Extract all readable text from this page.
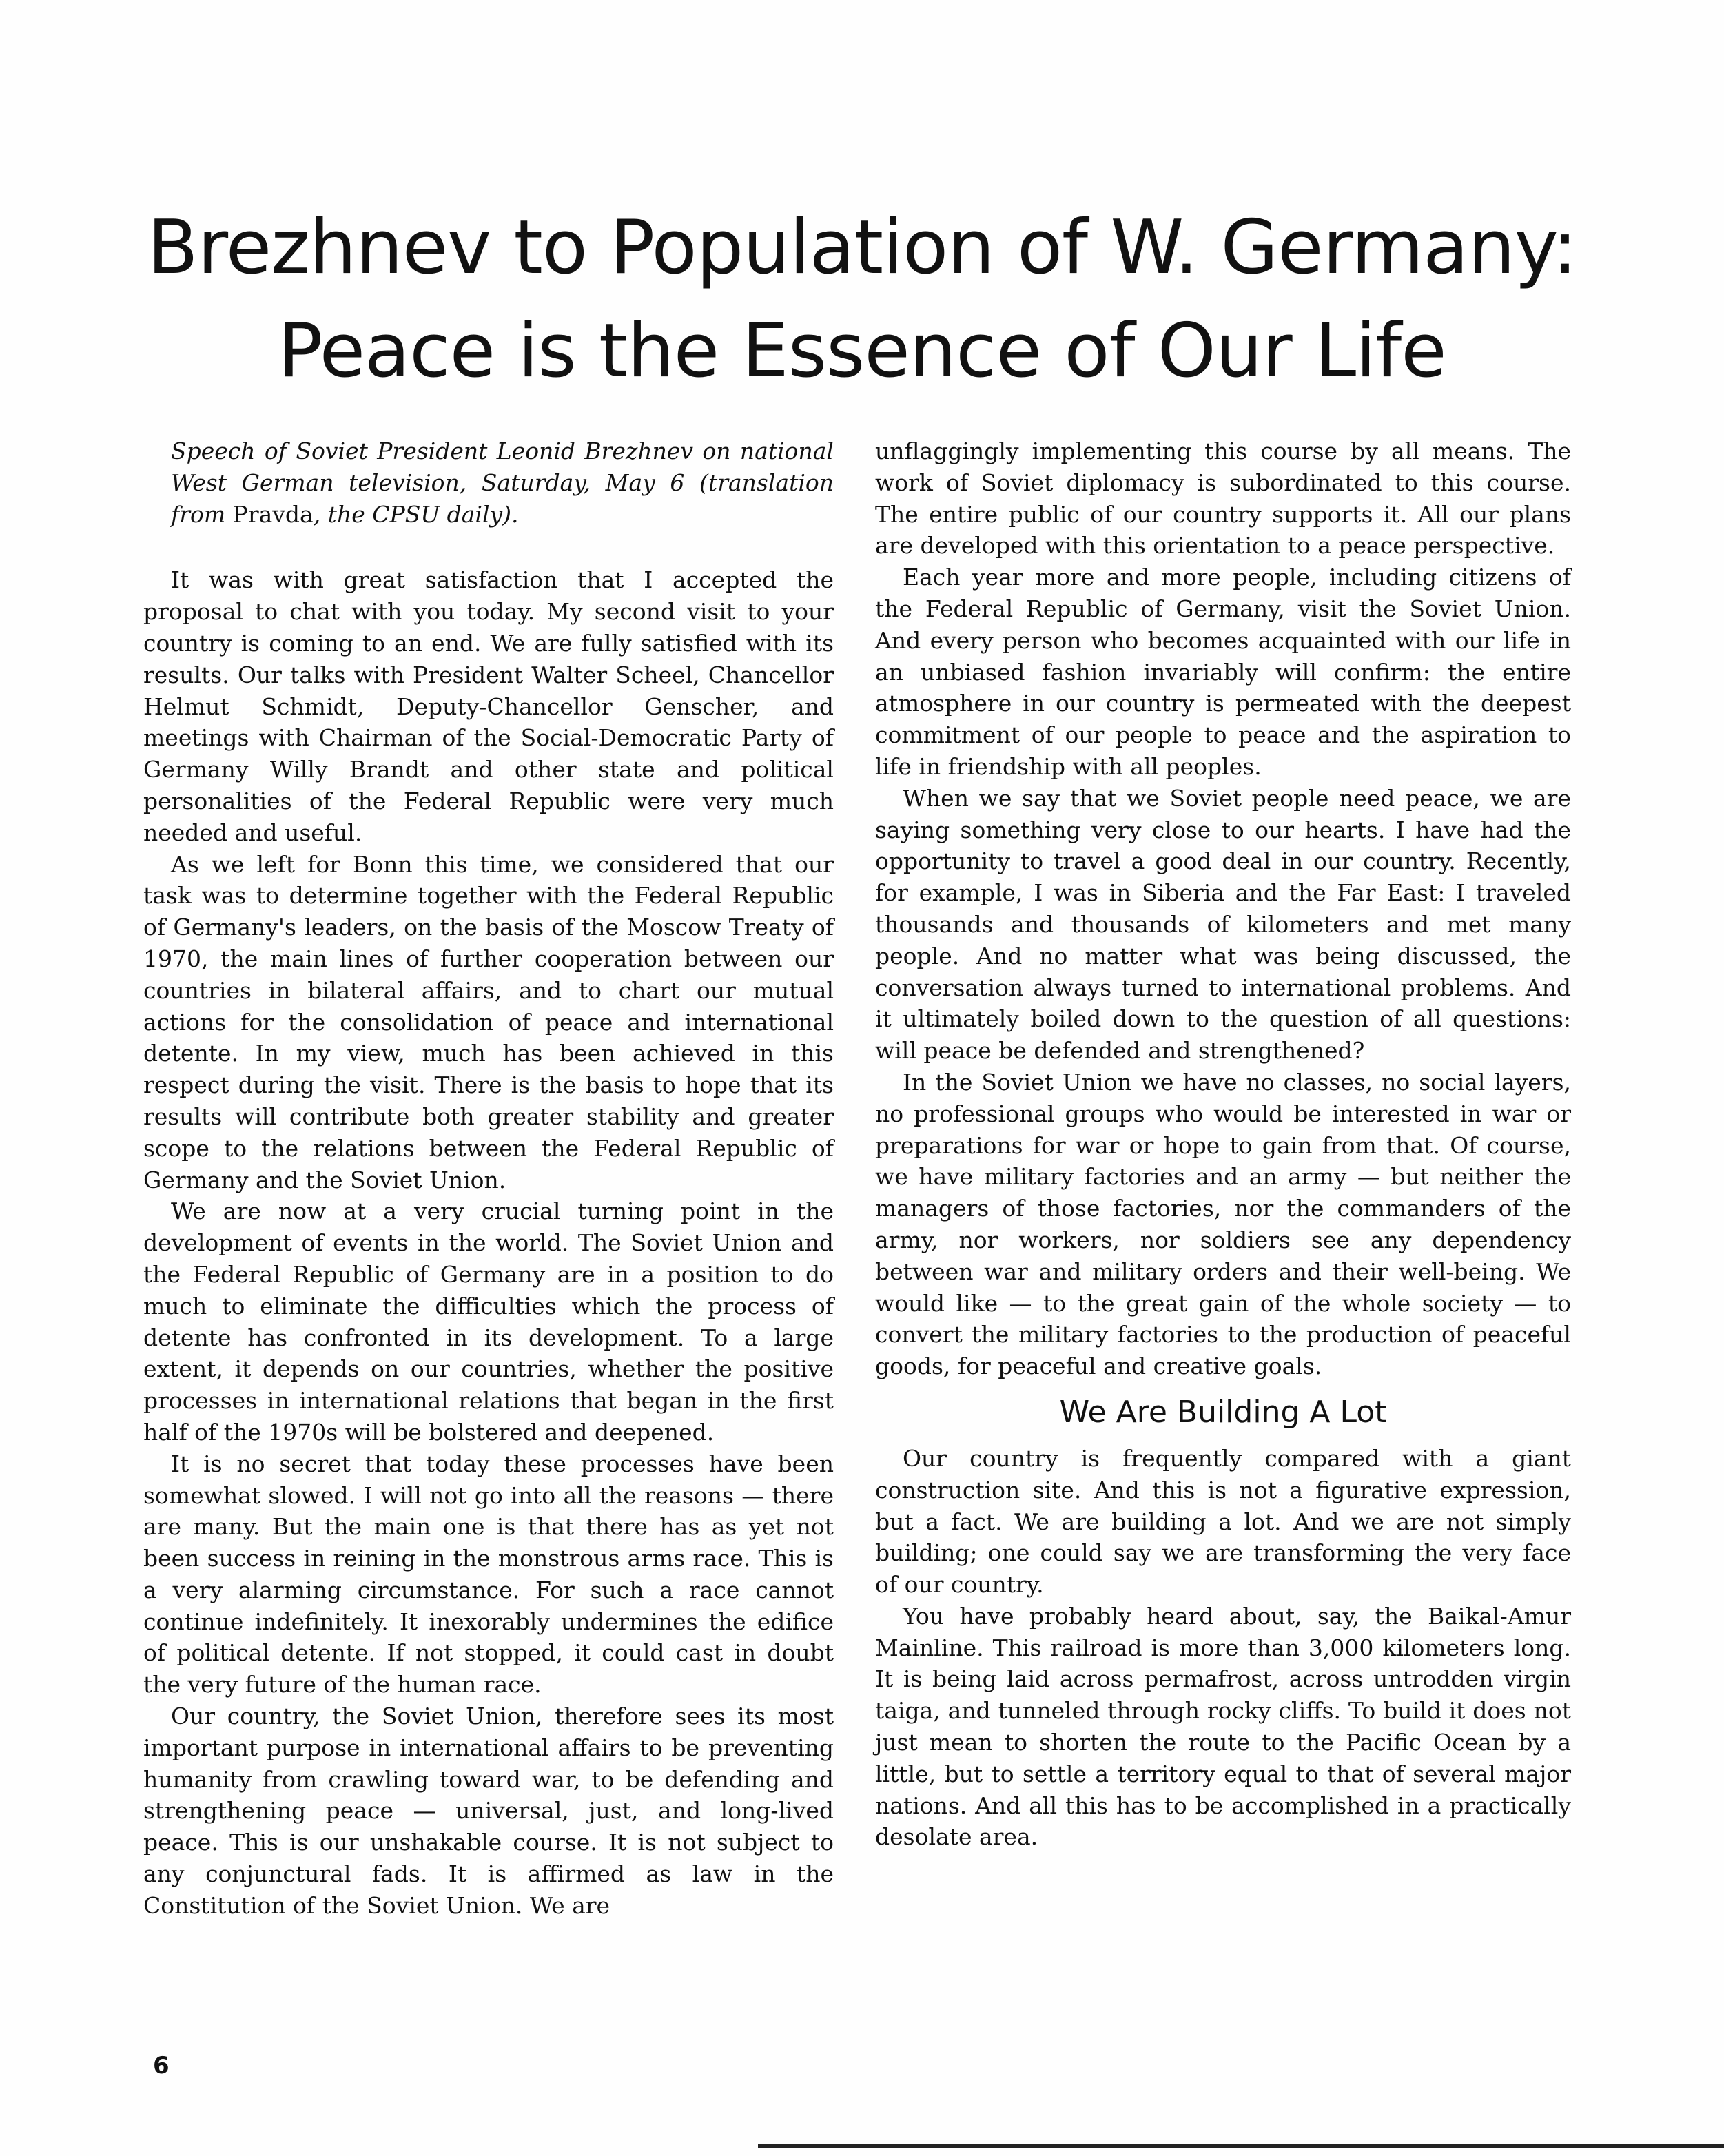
Brezhnev to Population of W. Germany:
Peace is the Essence of Our Life

Speech of Soviet President Leonid Brezhnev on national West German television, Saturday, May 6 (translation from Pravda, the CPSU daily).

It was with great satisfaction that I accepted the proposal to chat with you today. My second visit to your country is coming to an end. We are fully satisfied with its results. Our talks with President Walter Scheel, Chancellor Helmut Schmidt, Deputy-Chancellor Genscher, and meetings with Chairman of the Social-Democratic Party of Germany Willy Brandt and other state and political personalities of the Federal Republic were very much needed and useful.

As we left for Bonn this time, we considered that our task was to determine together with the Federal Republic of Germany's leaders, on the basis of the Moscow Treaty of 1970, the main lines of further cooperation between our countries in bilateral affairs, and to chart our mutual actions for the consolidation of peace and international detente. In my view, much has been achieved in this respect during the visit. There is the basis to hope that its results will contribute both greater stability and greater scope to the relations between the Federal Republic of Germany and the Soviet Union.

We are now at a very crucial turning point in the development of events in the world. The Soviet Union and the Federal Republic of Germany are in a position to do much to eliminate the difficulties which the process of detente has confronted in its development. To a large extent, it depends on our countries, whether the positive processes in international relations that began in the first half of the 1970s will be bolstered and deepened.

It is no secret that today these processes have been somewhat slowed. I will not go into all the reasons — there are many. But the main one is that there has as yet not been success in reining in the monstrous arms race. This is a very alarming circumstance. For such a race cannot continue indefinitely. It inexorably undermines the edifice of political detente. If not stopped, it could cast in doubt the very future of the human race.

Our country, the Soviet Union, therefore sees its most important purpose in international affairs to be preventing humanity from crawling toward war, to be defending and strengthening peace — universal, just, and long-lived peace. This is our unshakable course. It is not subject to any conjunctural fads. It is affirmed as law in the Constitution of the Soviet Union. We are

unflaggingly implementing this course by all means. The work of Soviet diplomacy is subordinated to this course. The entire public of our country supports it. All our plans are developed with this orientation to a peace perspective.

Each year more and more people, including citizens of the Federal Republic of Germany, visit the Soviet Union. And every person who becomes acquainted with our life in an unbiased fashion invariably will confirm: the entire atmosphere in our country is permeated with the deepest commitment of our people to peace and the aspiration to life in friendship with all peoples.

When we say that we Soviet people need peace, we are saying something very close to our hearts. I have had the opportunity to travel a good deal in our country. Recently, for example, I was in Siberia and the Far East: I traveled thousands and thousands of kilometers and met many people. And no matter what was being discussed, the conversation always turned to international problems. And it ultimately boiled down to the question of all questions: will peace be defended and strengthened?

In the Soviet Union we have no classes, no social layers, no professional groups who would be interested in war or preparations for war or hope to gain from that. Of course, we have military factories and an army — but neither the managers of those factories, nor the commanders of the army, nor workers, nor soldiers see any dependency between war and military orders and their well-being. We would like — to the great gain of the whole society — to convert the military factories to the production of peaceful goods, for peaceful and creative goals.

We Are Building A Lot

Our country is frequently compared with a giant construction site. And this is not a figurative expression, but a fact. We are building a lot. And we are not simply building; one could say we are transforming the very face of our country.

You have probably heard about, say, the Baikal-Amur Mainline. This railroad is more than 3,000 kilometers long. It is being laid across permafrost, across untrodden virgin taiga, and tunneled through rocky cliffs. To build it does not just mean to shorten the route to the Pacific Ocean by a little, but to settle a territory equal to that of several major nations. And all this has to be accomplished in a practically desolate area.

6
